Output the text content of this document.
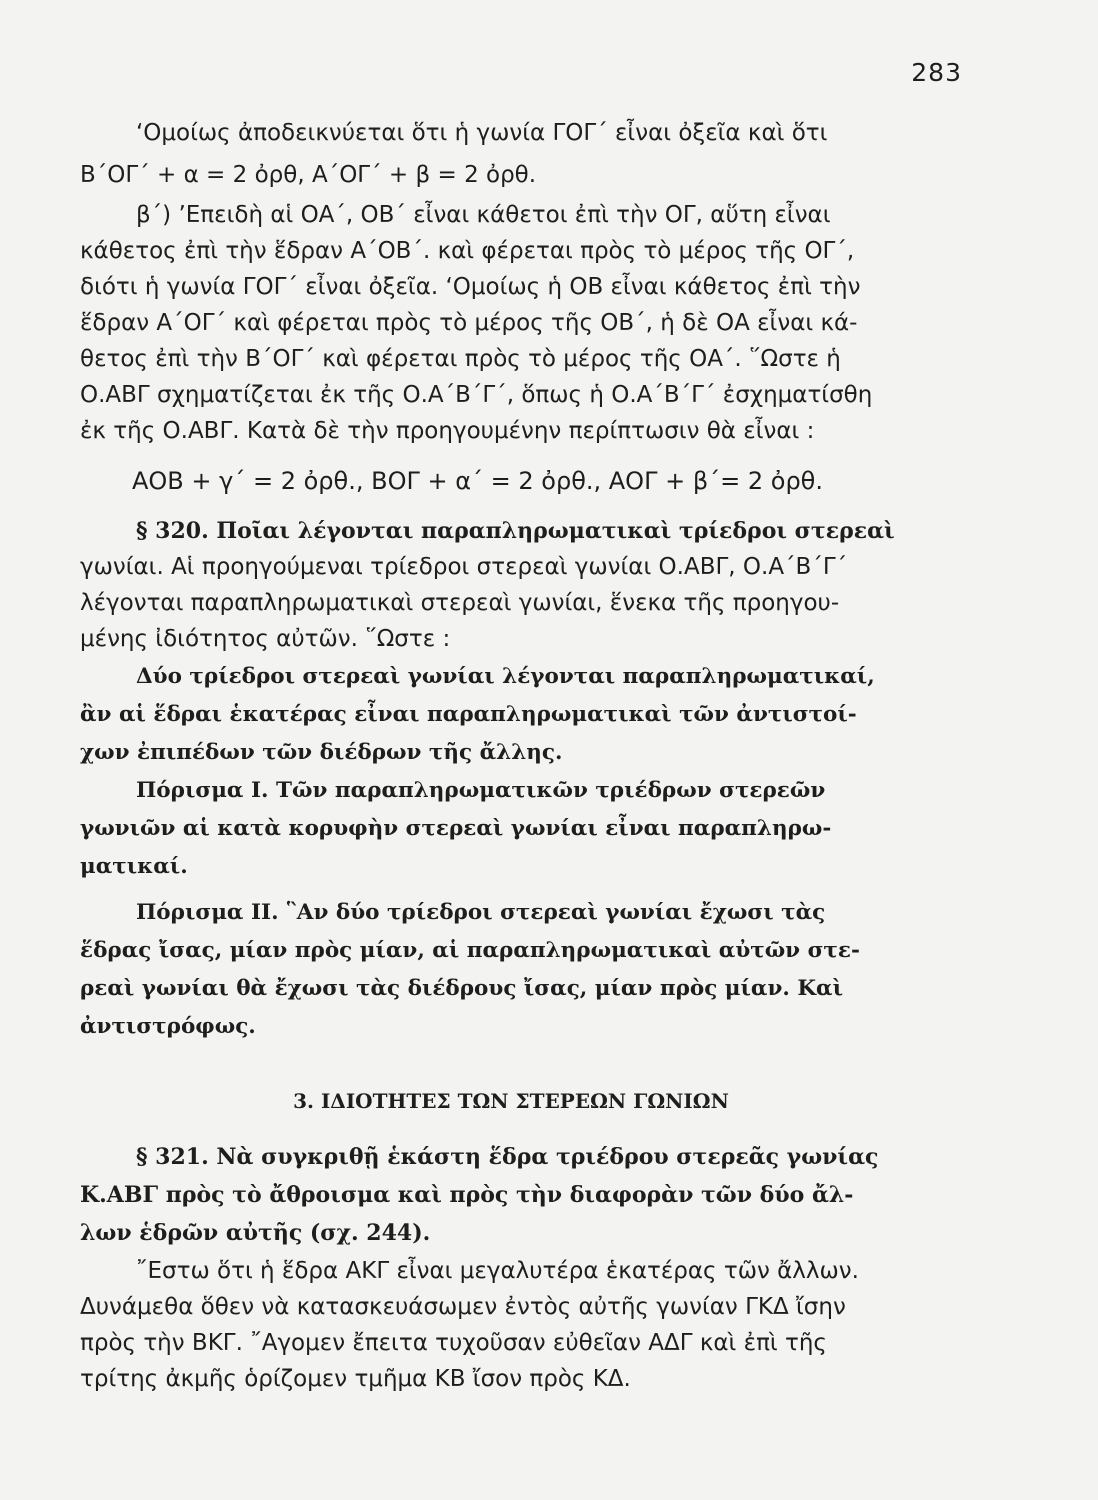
283
‘Ομοίως ἀποδεικνύεται ὅτι ἡ γωνία ΓΟΓ΄ εἶναι ὀξεῖα καὶ ὅτι
Β΄ΟΓ΄ + α = 2 ὀρθ, Α΄ΟΓ΄ + β = 2 ὀρθ.
β΄) ’Επειδὴ αἱ ΟΑ΄, ΟΒ΄ εἶναι κάθετοι ἐπὶ τὴν ΟΓ, αὕτη εἶναι
κάθετος ἐπὶ τὴν ἕδραν Α΄ΟΒ΄. καὶ φέρεται πρὸς τὸ μέρος τῆς ΟΓ΄,
διότι ἡ γωνία ΓΟΓ΄ εἶναι ὀξεῖα. ‘Ομοίως ἡ ΟΒ εἶναι κάθετος ἐπὶ τὴν
ἕδραν Α΄ΟΓ΄ καὶ φέρεται πρὸς τὸ μέρος τῆς ΟΒ΄, ἡ δὲ ΟΑ εἶναι κά-
θετος ἐπὶ τὴν Β΄ΟΓ΄ καὶ φέρεται πρὸς τὸ μέρος τῆς ΟΑ΄. ῞Ωστε ἡ
Ο.ΑΒΓ σχηματίζεται ἐκ τῆς Ο.Α΄Β΄Γ΄, ὅπως ἡ Ο.Α΄Β΄Γ΄ ἐσχηματίσθη
ἐκ τῆς Ο.ΑΒΓ. Κατὰ δὲ τὴν προηγουμένην περίπτωσιν θὰ εἶναι :
ΑΟΒ + γ΄ = 2 ὀρθ., ΒΟΓ + α΄ = 2 ὀρθ., ΑΟΓ + β΄= 2 ὀρθ.
§ 320. Ποῖαι λέγονται παραπληρωματικαὶ τρίεδροι στερεαὶ
γωνίαι. Αἱ προηγούμεναι τρίεδροι στερεαὶ γωνίαι Ο.ΑΒΓ, Ο.Α΄Β΄Γ΄
λέγονται παραπληρωματικαὶ στερεαὶ γωνίαι, ἕνεκα τῆς προηγου-
μένης ἰδιότητος αὐτῶν. ῞Ωστε :
Δύο τρίεδροι στερεαὶ γωνίαι λέγονται παραπληρωματικαί,
ἂν αἱ ἕδραι ἑκατέρας εἶναι παραπληρωματικαὶ τῶν ἀντιστοί-
χων ἐπιπέδων τῶν διέδρων τῆς ἄλλης.
Πόρισμα Ι. Τῶν παραπληρωματικῶν τριέδρων στερεῶν
γωνιῶν αἱ κατὰ κορυφὴν στερεαὶ γωνίαι εἶναι παραπληρω-
ματικαί.
Πόρισμα ΙΙ. ῝Αν δύο τρίεδροι στερεαὶ γωνίαι ἔχωσι τὰς
ἕδρας ἴσας, μίαν πρὸς μίαν, αἱ παραπληρωματικαὶ αὐτῶν στε-
ρεαὶ γωνίαι θὰ ἔχωσι τὰς διέδρους ἴσας, μίαν πρὸς μίαν. Καὶ
ἀντιστρόφως.
3. ΙΔΙΟΤΗΤΕΣ ΤΩΝ ΣΤΕΡΕΩΝ ΓΩΝΙΩΝ
§ 321. Νὰ συγκριθῇ ἑκάστη ἕδρα τριέδρου στερεᾶς γωνίας
Κ.ΑΒΓ πρὸς τὸ ἄθροισμα καὶ πρὸς τὴν διαφορὰν τῶν δύο ἄλ-
λων ἑδρῶν αὐτῆς (σχ. 244).
῎Εστω ὅτι ἡ ἕδρα ΑΚΓ εἶναι μεγαλυτέρα ἑκατέρας τῶν ἄλλων.
Δυνάμεθα ὅθεν νὰ κατασκευάσωμεν ἐντὸς αὐτῆς γωνίαν ΓΚΔ ἴσην
πρὸς τὴν ΒΚΓ. ῎Αγομεν ἔπειτα τυχοῦσαν εὐθεῖαν ΑΔΓ καὶ ἐπὶ τῆς
τρίτης ἀκμῆς ὁρίζομεν τμῆμα ΚΒ ἴσον πρὸς ΚΔ.
